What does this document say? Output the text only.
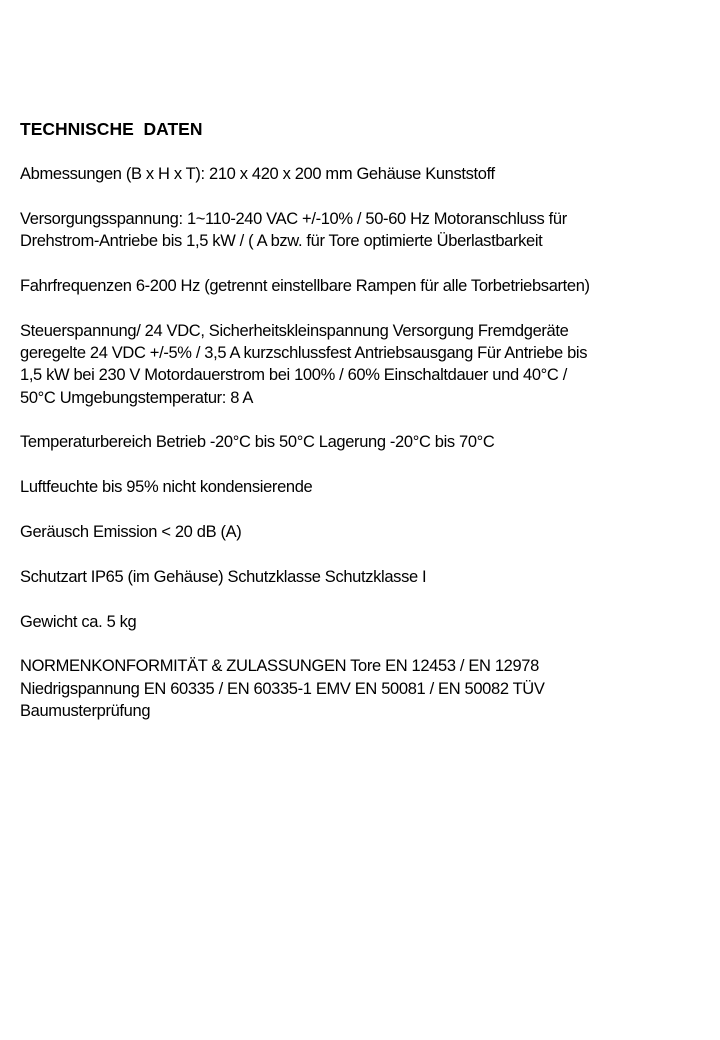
TECHNISCHE  DATEN

Abmessungen (B x H x T): 210 x 420 x 200 mm Gehäuse Kunststoff

Versorgungsspannung: 1~110-240 VAC +/-10% / 50-60 Hz Motoranschluss für
Drehstrom-Antriebe bis 1,5 kW / ( A bzw. für Tore optimierte Überlastbarkeit

Fahrfrequenzen 6-200 Hz (getrennt einstellbare Rampen für alle Torbetriebsarten)

Steuerspannung/ 24 VDC, Sicherheitskleinspannung Versorgung Fremdgeräte
geregelte 24 VDC +/-5% / 3,5 A kurzschlussfest Antriebsausgang Für Antriebe bis
1,5 kW bei 230 V Motordauerstrom bei 100% / 60% Einschaltdauer und 40°C /
50°C Umgebungstemperatur: 8 A

Temperaturbereich Betrieb -20°C bis 50°C Lagerung -20°C bis 70°C

Luftfeuchte bis 95% nicht kondensierende

Geräusch Emission < 20 dB (A)

Schutzart IP65 (im Gehäuse) Schutzklasse Schutzklasse I

Gewicht ca. 5 kg

NORMENKONFORMITÄT & ZULASSUNGEN Tore EN 12453 / EN 12978
Niedrigspannung EN 60335 / EN 60335-1 EMV EN 50081 / EN 50082 TÜV
Baumusterprüfung
